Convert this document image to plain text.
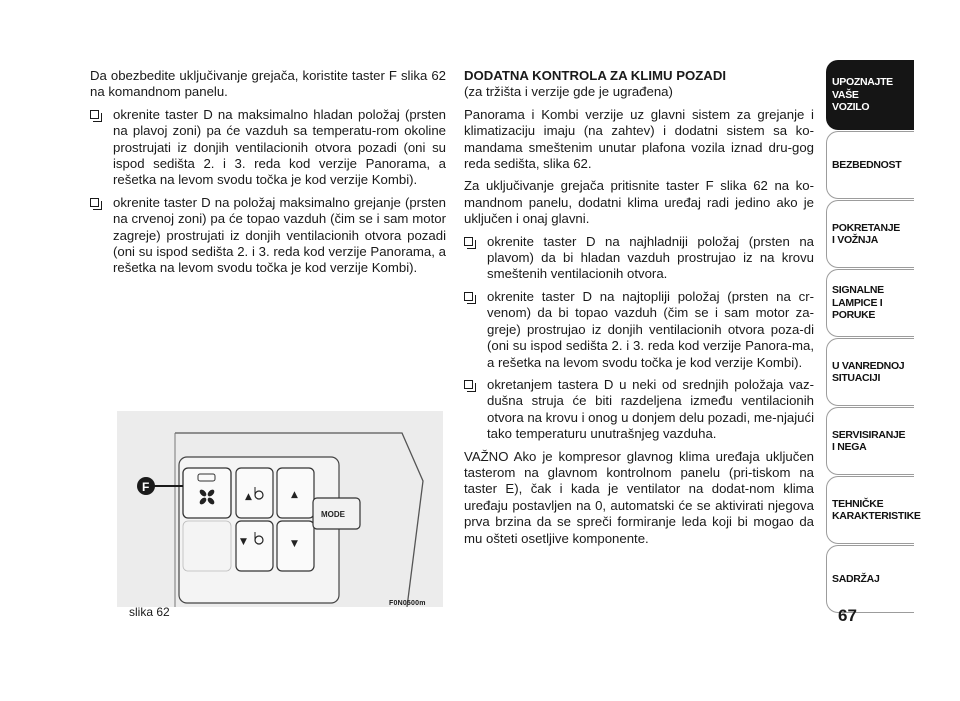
Da obezbedite uključivanje grejača, koristite taster F slika 62 na komandnom panelu.

okrenite taster D na maksimalno hladan položaj (prsten na plavoj zoni) pa će vazduh sa temperatu-rom okoline prostrujati iz donjih ventilacionih otvora pozadi (oni su ispod sedišta 2. i 3. reda kod verzije Panorama, a rešetka na levom svodu točka je kod verzije Kombi).
okrenite taster D na položaj maksimalno grejanje (prsten na crvenoj zoni) pa će topao vazduh (čim se i sam motor zagreje) prostrujati iz donjih ventilacionih otvora pozadi (oni su ispod sedišta 2. i 3. reda kod verzije Panorama, a rešetka na levom svodu točka je kod verzije Kombi).

DODATNA KONTROLA ZA KLIMU POZADI

(za tržišta i verzije gde je ugrađena)

Panorama i Kombi verzije uz glavni sistem za grejanje i klimatizaciju imaju (na zahtev) i dodatni sistem sa ko-mandama smeštenim unutar plafona vozila iznad dru-gog reda sedišta, slika 62.

Za uključivanje grejača pritisnite taster F slika 62 na ko-mandnom panelu, dodatni klima uređaj radi jedino ako je uključen i onaj glavni.

okrenite taster D na najhladniji položaj (prsten na plavom) da bi hladan vazduh prostrujao iz na krovu smeštenih ventilacionih otvora.
okrenite taster D na najtopliji položaj (prsten na cr-venom) da bi topao vazduh (čim se i sam motor za-greje) prostrujao iz donjih ventilacionih otvora poza-di (oni su ispod sedišta 2. i 3. reda kod verzije Panora-ma, a rešetka na levom svodu točka je kod verzije Kombi).
okretanjem tastera D u neki od srednjih položaja vaz-dušna struja će biti razdeljena između ventilacionih otvora na krovu i onog u donjem delu pozadi, me-njajući tako temperaturu unutrašnjeg vazduha.

VAŽNO Ako je kompresor glavnog klima uređaja uključen tasterom na glavnom kontrolnom panelu (pri-tiskom na taster E), čak i kada je ventilator na dodat-nom klima uređaju postavljen na 0, automatski će se aktivirati njegova prva brzina da se spreči formiranje leda koji bi mogao da mu ošteti osetljive komponente.

▲	▲
▼	▼
MODE
F
slika 62
F0N0500m
UPOZNAJTE
VAŠE
VOZILO
BEZBEDNOST
POKRETANJE
I VOŽNJA
SIGNALNE
LAMPICE I PORUKE
U VANREDNOJ
SITUACIJI
SERVISIRANJE
I NEGA
TEHNIČKE
KARAKTERISTIKE
SADRŽAJ
67
